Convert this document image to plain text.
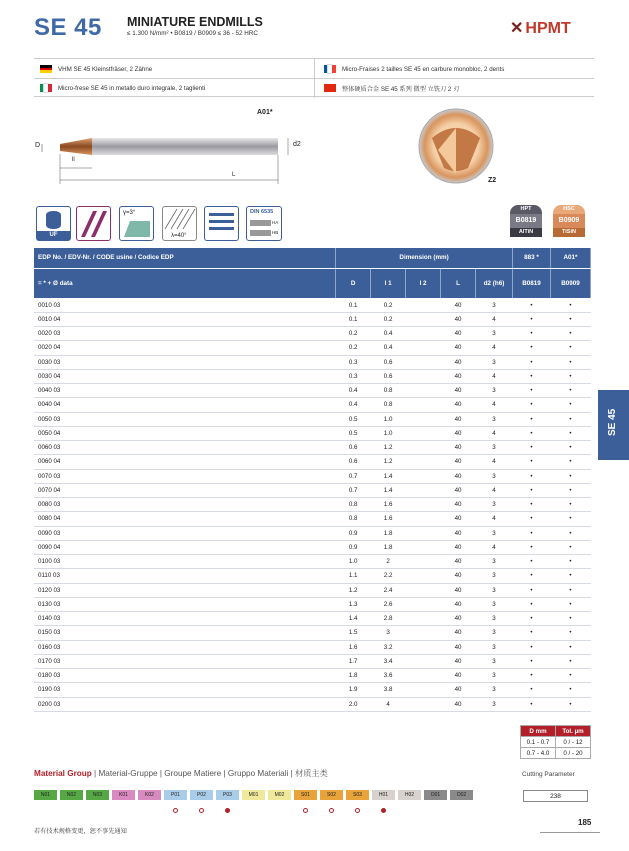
SE 45 MINIATURE ENDMILLS
≤ 1.300 N/mm² • B0819 / B0909 ≤ 36 - 52 HRC	✕ HPMT
VHM SE 45 Kleinstfräser, 2 Zähne	Micro-Fraises 2 tailles SE 45 en carbure monobloc, 2 dents
Micro-frese SE 45 in metallo duro integrale, 2 taglienti	整体硬质合金 SE 45 系列 微型 立铣刀 2 刃
A01*
D	d2
ll
L
Z2
UF
γ=3°
λ=40°
DIN 6535
HA
HB
HPT
B0819
AlTiN
HSC
B0909
TiSiN
EDP No. / EDV-Nr. / CODE usine / Codice EDP	Dimension (mm)					883 *	A01*
= * + Ø data	D	l 1	l 2	L	d2 (h6)	B0819	B0909
0010 03	0.1	0.2		40	3	•	•
0010 04	0.1	0.2		40	4	•	•
0020 03	0.2	0.4		40	3	•	•
0020 04	0.2	0.4		40	4	•	•
0030 03	0.3	0.6		40	3	•	•
0030 04	0.3	0.6		40	4	•	•
0040 03	0.4	0.8		40	3	•	•
0040 04	0.4	0.8		40	4	•	•
0050 03	0.5	1.0		40	3	•	•
0050 04	0.5	1.0		40	4	•	•
0060 03	0.6	1.2		40	3	•	•
0060 04	0.6	1.2		40	4	•	•
0070 03	0.7	1.4		40	3	•	•
0070 04	0.7	1.4		40	4	•	•
0080 03	0.8	1.6		40	3	•	•
0080 04	0.8	1.6		40	4	•	•
0090 03	0.9	1.8		40	3	•	•
0090 04	0.9	1.8		40	4	•	•
0100 03	1.0	2		40	3	•	•
0110 03	1.1	2.2		40	3	•	•
0120 03	1.2	2.4		40	3	•	•
0130 03	1.3	2.6		40	3	•	•
0140 03	1.4	2.8		40	3	•	•
0150 03	1.5	3		40	3	•	•
0160 03	1.6	3.2		40	3	•	•
0170 03	1.7	3.4		40	3	•	•
0180 03	1.8	3.6		40	3	•	•
0190 03	1.9	3.8		40	3	•	•
0200 03	2.0	4		40	3	•	•
SE 45
D mm	Tol. µm
0.1 - 0.7	0 / - 12
0.7 - 4.0	0 / - 20
Cutting Parameter
238
Material Group | Material-Gruppe | Groupe Matiere | Gruppo Materiali | 材质主类
N01	N02	N03	K01	K02	P01	P02	P03	M01	M02	S01	S02	S03	H01	H02	O01	O02
若有技术规格变更，恕不事先通知
185
